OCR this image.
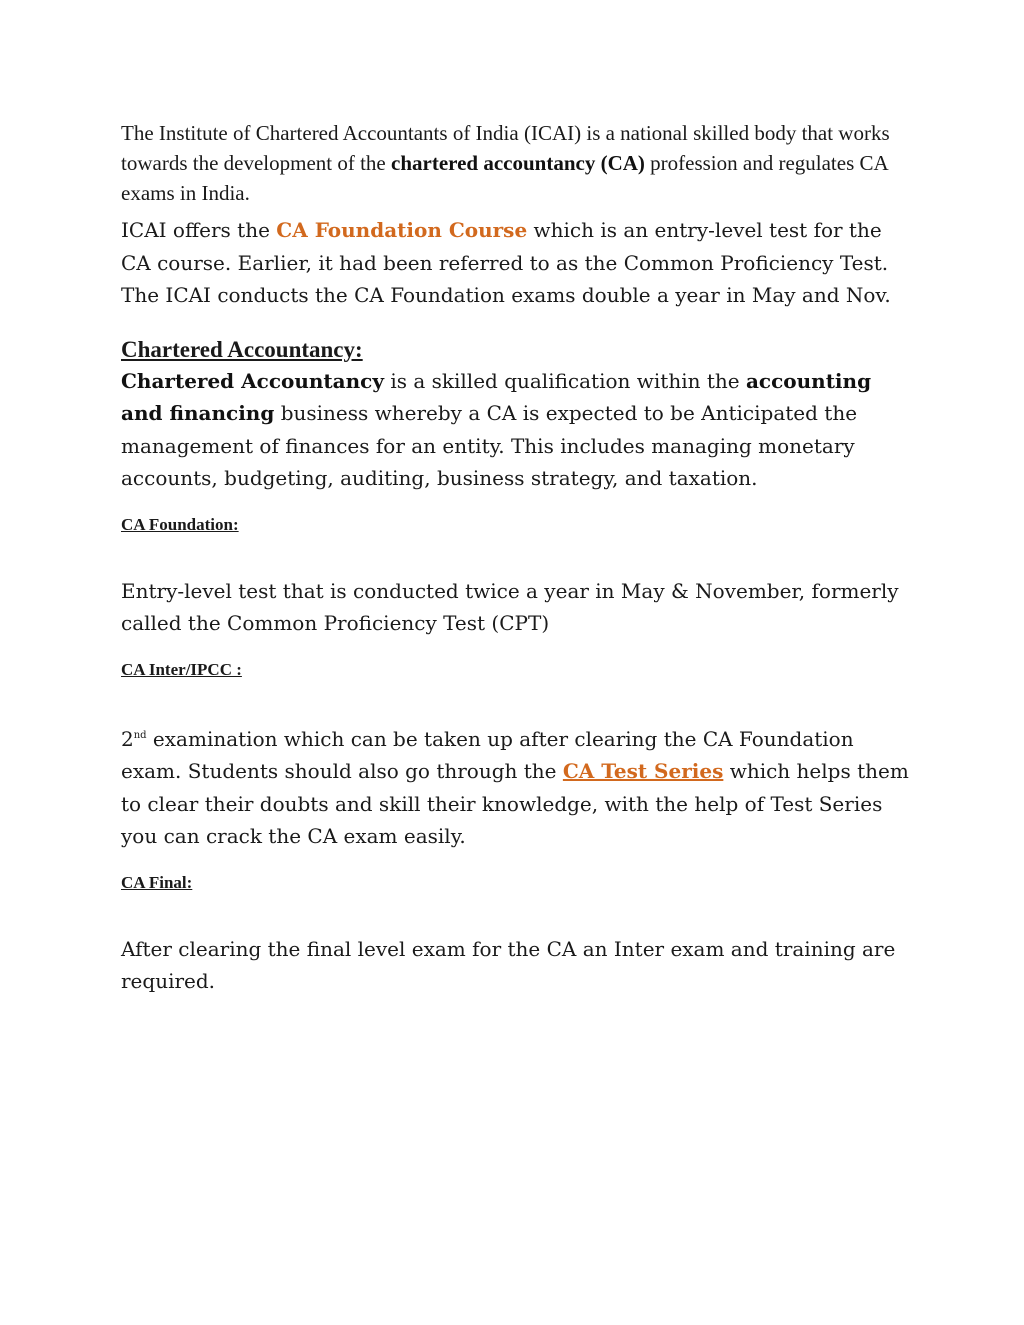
The Institute of Chartered Accountants of India (ICAI) is a national skilled body that works towards the development of the chartered accountancy (CA) profession and regulates CA exams in India.

ICAI offers the CA Foundation Course which is an entry-level test for the CA course. Earlier, it had been referred to as the Common Proficiency Test. The ICAI conducts the CA Foundation exams double a year in May and Nov.

Chartered Accountancy:

Chartered Accountancy is a skilled qualification within the accounting and financing business whereby a CA is expected to be Anticipated the management of finances for an entity. This includes managing monetary accounts, budgeting, auditing, business strategy, and taxation.

CA Foundation:

Entry-level test that is conducted twice a year in May & November, formerly called the Common Proficiency Test (CPT)

CA Inter/IPCC :

2nd examination which can be taken up after clearing the CA Foundation exam. Students should also go through the CA Test Series which helps them to clear their doubts and skill their knowledge, with the help of Test Series you can crack the CA exam easily.

CA Final:

After clearing the final level exam for the CA an Inter exam and training are required.
